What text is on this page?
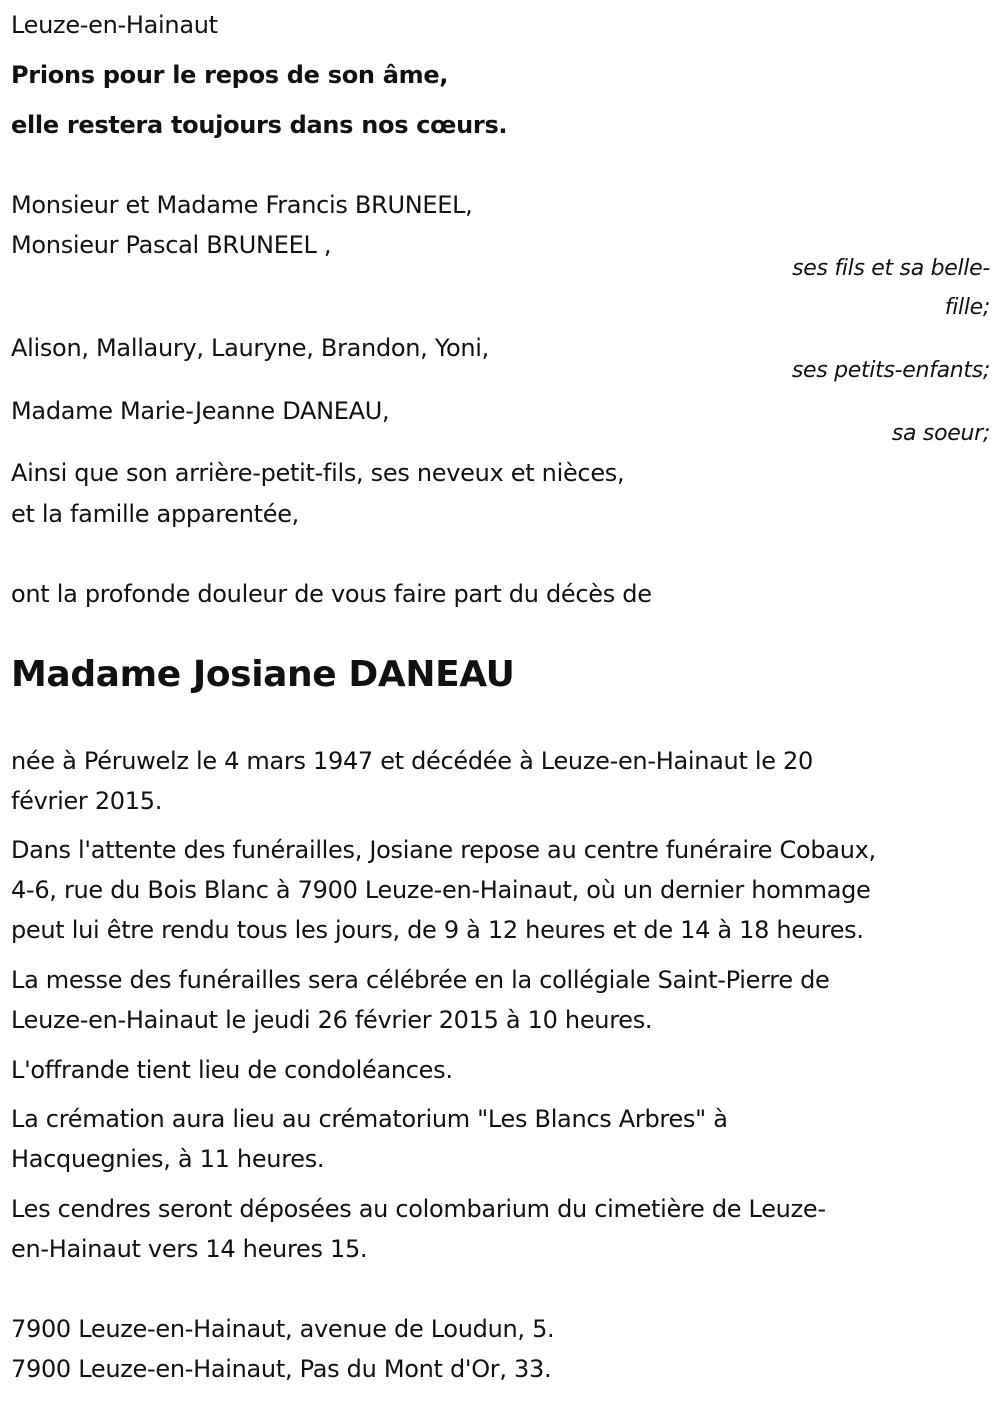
Leuze-en-Hainaut
Prions pour le repos de son âme,
elle restera toujours dans nos cœurs.
Monsieur et Madame Francis BRUNEEL,
Monsieur Pascal BRUNEEL ,
ses fils et sa belle-
fille;
Alison, Mallaury, Lauryne, Brandon, Yoni,
ses petits-enfants;
Madame Marie-Jeanne DANEAU,
sa soeur;
Ainsi que son arrière-petit-fils, ses neveux et nièces,
et la famille apparentée,
ont la profonde douleur de vous faire part du décès de
Madame Josiane DANEAU
née à Péruwelz le 4 mars 1947 et décédée à Leuze-en-Hainaut le 20
février 2015.
Dans l'attente des funérailles, Josiane repose au centre funéraire Cobaux,
4-6, rue du Bois Blanc à 7900 Leuze-en-Hainaut, où un dernier hommage
peut lui être rendu tous les jours, de 9 à 12 heures et de 14 à 18 heures.
La messe des funérailles sera célébrée en la collégiale Saint-Pierre de
Leuze-en-Hainaut le jeudi 26 février 2015 à 10 heures.
L'offrande tient lieu de condoléances.
La crémation aura lieu au crématorium "Les Blancs Arbres" à
Hacquegnies, à 11 heures.
Les cendres seront déposées au colombarium du cimetière de Leuze-
en-Hainaut vers 14 heures 15.
7900 Leuze-en-Hainaut, avenue de Loudun, 5.
7900 Leuze-en-Hainaut, Pas du Mont d'Or, 33.
